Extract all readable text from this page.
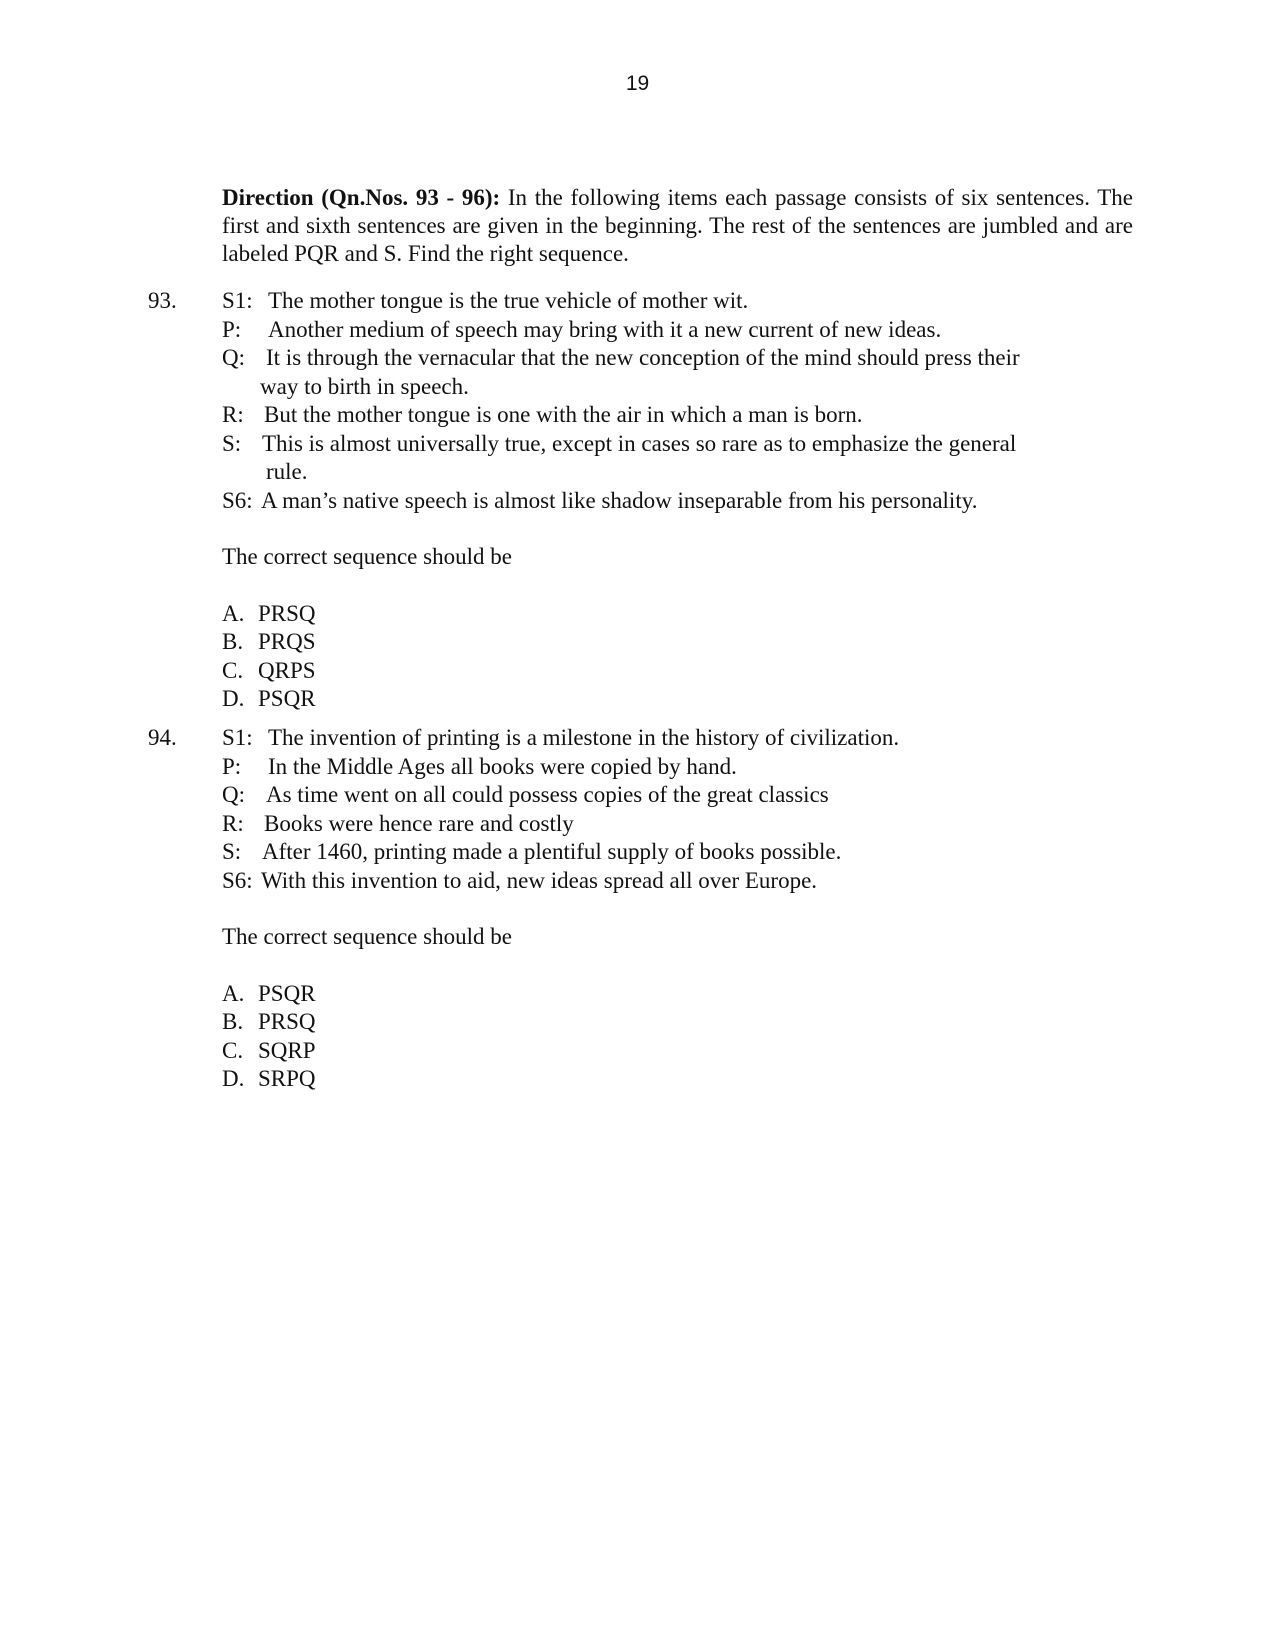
19
Direction (Qn.Nos. 93 - 96): In the following items each passage consists of six sentences. The first and sixth sentences are given in the beginning. The rest of the sentences are jumbled and are labeled PQR and S. Find the right sequence.
93. S1: The mother tongue is the true vehicle of mother wit.
P:	Another medium of speech may bring with it a new current of new ideas.
Q: It is through the vernacular that the new conception of the mind should press their
way to birth in speech.
R: But the mother tongue is one with the air in which a man is born.
S: This is almost universally true, except in cases so rare as to emphasize the general
rule.
S6: A man’s native speech is almost like shadow inseparable from his personality.
The correct sequence should be
A. PRSQ
B. PRQS
C. QRPS
D. PSQR
94. S1: The invention of printing is a milestone in the history of civilization.
P:	In the Middle Ages all books were copied by hand.
Q: As time went on all could possess copies of the great classics
R: Books were hence rare and costly
S: After 1460, printing made a plentiful supply of books possible.
S6: With this invention to aid, new ideas spread all over Europe.
The correct sequence should be
A. PSQR
B. PRSQ
C. SQRP
D. SRPQ
